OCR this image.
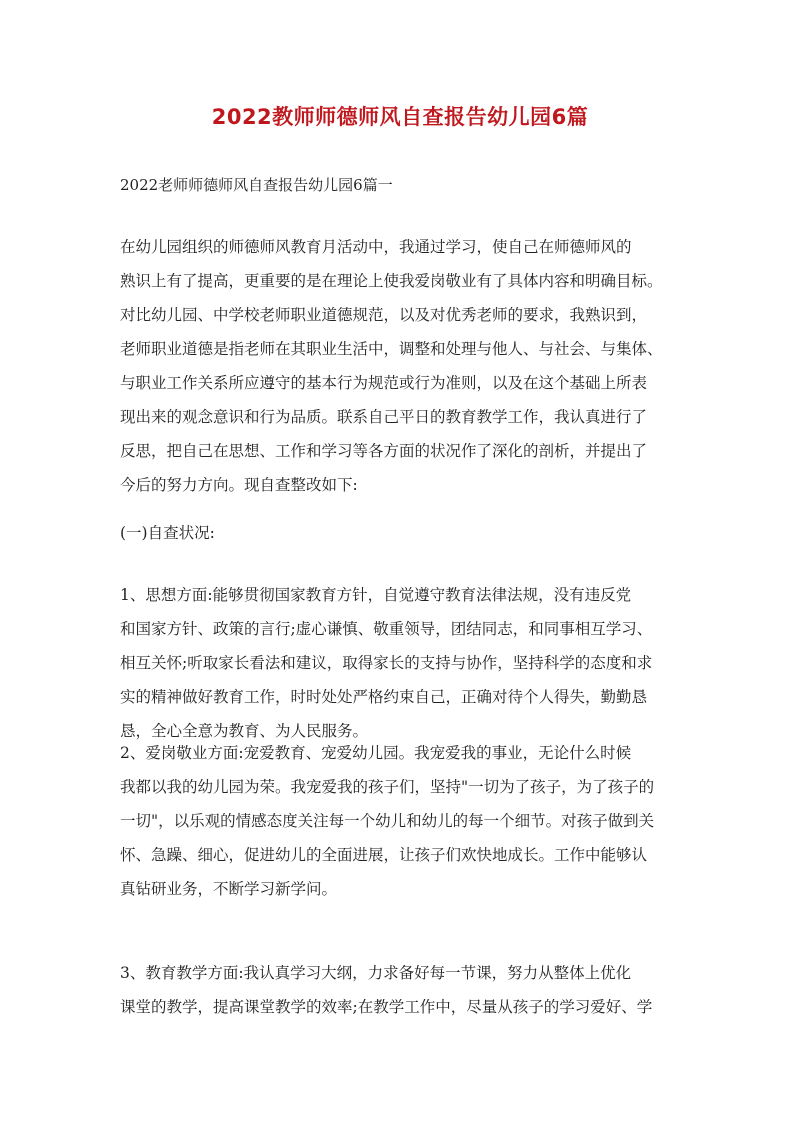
2022教师师德师风自查报告幼儿园6篇

2022老师师德师风自查报告幼儿园6篇一

在幼儿园组织的师德师风教育月活动中，我通过学习，使自己在师德师风的
熟识上有了提高，更重要的是在理论上使我爱岗敬业有了具体内容和明确目标。
对比幼儿园、中学校老师职业道德规范，以及对优秀老师的要求，我熟识到，
老师职业道德是指老师在其职业生活中，调整和处理与他人、与社会、与集体、
与职业工作关系所应遵守的基本行为规范或行为准则，以及在这个基础上所表
现出来的观念意识和行为品质。联系自己平日的教育教学工作，我认真进行了
反思，把自己在思想、工作和学习等各方面的状况作了深化的剖析，并提出了
今后的努力方向。现自查整改如下:
(一)自查状况:
1、思想方面:能够贯彻国家教育方针，自觉遵守教育法律法规，没有违反党
和国家方针、政策的言行;虚心谦慎、敬重领导，团结同志，和同事相互学习、
相互关怀;听取家长看法和建议，取得家长的支持与协作，坚持科学的态度和求
实的精神做好教育工作，时时处处严格约束自己，正确对待个人得失，勤勤恳
恳，全心全意为教育、为人民服务。
2、爱岗敬业方面:宠爱教育、宠爱幼儿园。我宠爱我的事业，无论什么时候
我都以我的幼儿园为荣。我宠爱我的孩子们，坚持"一切为了孩子，为了孩子的
一切"，以乐观的情感态度关注每一个幼儿和幼儿的每一个细节。对孩子做到关
怀、急躁、细心，促进幼儿的全面进展，让孩子们欢快地成长。工作中能够认
真钻研业务，不断学习新学问。
3、教育教学方面:我认真学习大纲，力求备好每一节课，努力从整体上优化
课堂的教学，提高课堂教学的效率;在教学工作中，尽量从孩子的学习爱好、学
